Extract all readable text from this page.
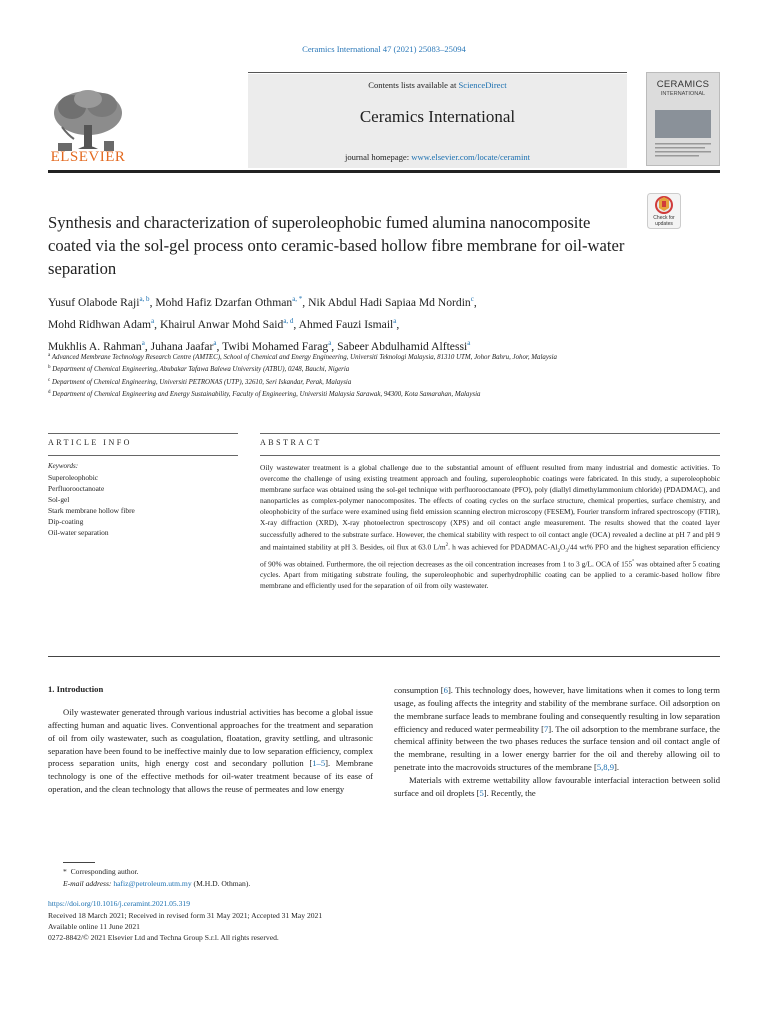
Ceramics International 47 (2021) 25083–25094
Contents lists available at ScienceDirect
Ceramics International
journal homepage: www.elsevier.com/locate/ceramint
ELSEVIER
CERAMICS
INTERNATIONAL
Check for
updates
Synthesis and characterization of superoleophobic fumed alumina nanocomposite coated via the sol-gel process onto ceramic-based hollow fibre membrane for oil-water separation
Yusuf Olabode Raji$^{a, b}$, Mohd Hafiz Dzarfan Othman$^{a, *}$, Nik Abdul Hadi Sapiaa Md Nordin$^c$,
Mohd Ridhwan Adam$^a$, Khairul Anwar Mohd Said$^{a, d}$, Ahmed Fauzi Ismail$^a$,
Mukhlis A. Rahman$^a$, Juhana Jaafar$^a$, Twibi Mohamed Farag$^a$, Sabeer Abdulhamid Alftessi$^a$
$^a$ Advanced Membrane Technology Research Centre (AMTEC), School of Chemical and Energy Engineering, Universiti Teknologi Malaysia, 81310 UTM, Johor Bahru, Johor, Malaysia
$^b$ Department of Chemical Engineering, Abubakar Tafawa Balewa University (ATBU), 0248, Bauchi, Nigeria
$^c$ Department of Chemical Engineering, Universiti PETRONAS (UTP), 32610, Seri Iskandar, Perak, Malaysia
$^d$ Department of Chemical Engineering and Energy Sustainability, Faculty of Engineering, Universiti Malaysia Sarawak, 94300, Kota Samarahan, Malaysia
ARTICLE INFO	ABSTRACT
Keywords:
Superoleophobic
Perfluorooctanoate
Sol-gel
Stark membrane hollow fibre
Dip-coating
Oil-water separation
Oily wastewater treatment is a global challenge due to the substantial amount of effluent resulted from many industrial and domestic activities. To overcome the challenge of using existing treatment approach and fouling, superoleophobic coatings were fabricated. In this study, a superoleophobic membrane surface was obtained using the sol-gel technique with perfluorooctanoate (PFO), poly (diallyl dimethylammonium chloride) (PDADMAC), and nanoparticles as complex-polymer nanocomposites. The effects of coating cycles on the surface structure, chemical properties, surface chemistry, and oleophobicity of the surface were examined using field emission scanning electron microscopy (FESEM), Fourier transform infrared spectroscopy (FTIR), X-ray diffraction (XRD), X-ray photoelectron spectroscopy (XPS) and oil contact angle measurement. The results showed that the coated layer successfully adhered to the substrate surface. However, the chemical stability with respect to oil contact angle (OCA) revealed a decline at pH 7 and pH 9 and maintained stability at pH 3. Besides, oil flux at 63.0 $L/m^2$. h was achieved for PDADMAC-$Al_2O_3/44$ wt% PFO and the highest separation efficiency of 90% was obtained. Furthermore, the oil rejection decreases as the oil concentration increases from 1 to 3 g/L. OCA of 155° was obtained after 5 coating cycles. Apart from mitigating substrate fouling, the superoleophobic and superhydrophilic coating can be applied to a ceramic-based hollow fibre membrane and efficiently used for the separation of oil from oily wastewater.
1. Introduction

Oily wastewater generated through various industrial activities has become a global issue affecting human and aquatic lives. Conventional approaches for the treatment and separation of oil from oily wastewater, such as coagulation, floatation, gravity settling, and ultrasonic separation have been found to be ineffective mainly due to low separation efficiency, complex process separation units, high energy cost and secondary pollution [1–5]. Membrane technology is one of the effective methods for oil-water treatment because of its ease of operation, and the clean technology that allows the reuse of permeates and low energy

consumption [6]. This technology does, however, have limitations when it comes to long term usage, as fouling affects the integrity and stability of the membrane surface. Oil adsorption on the membrane surface leads to membrane fouling and consequently resulting in low separation efficiency and reduced water permeability [7]. The oil adsorption to the membrane surface, the chemical affinity between the two phases reduces the surface tension and oil contact angle of the membrane, resulting in a lower energy barrier for the oil and thereby allowing oil to penetrate into the macrovoids structures of the membrane [5,8,9].

Materials with extreme wettability allow favourable interfacial interaction between solid surface and oil droplets [5]. Recently, the

* Corresponding author.
E-mail address: hafiz@petroleum.utm.my (M.H.D. Othman).
https://doi.org/10.1016/j.ceramint.2021.05.319
Received 18 March 2021; Received in revised form 31 May 2021; Accepted 31 May 2021
Available online 11 June 2021
0272-8842/© 2021 Elsevier Ltd and Techna Group S.r.l. All rights reserved.
